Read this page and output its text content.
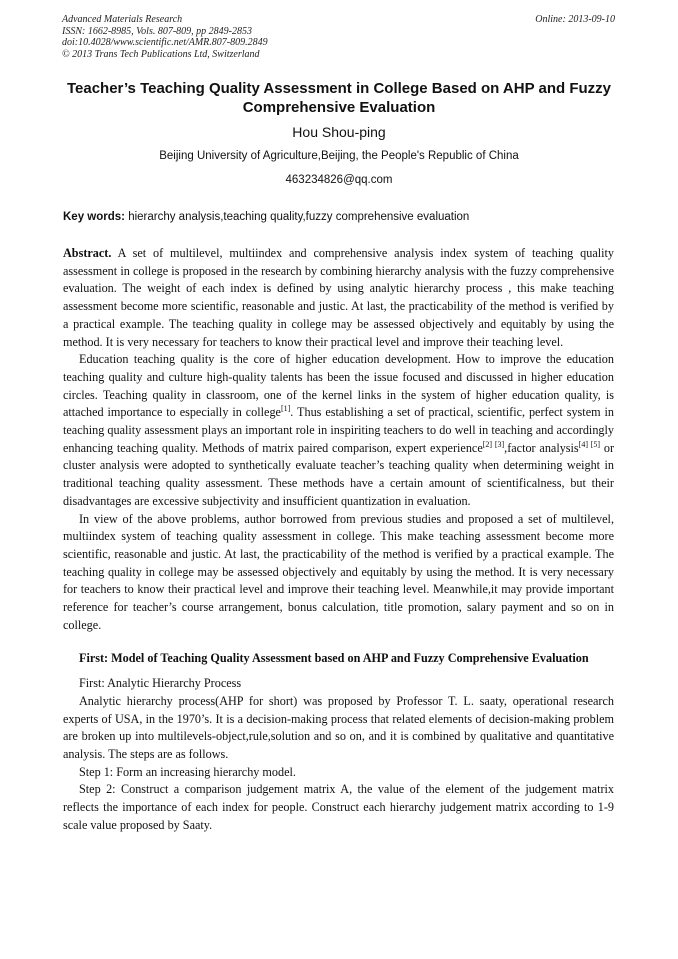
Advanced Materials Research
ISSN: 1662-8985, Vols. 807-809, pp 2849-2853
doi:10.4028/www.scientific.net/AMR.807-809.2849
© 2013 Trans Tech Publications Ltd, Switzerland
Online: 2013-09-10
Teacher’s Teaching Quality Assessment in College Based on AHP and Fuzzy Comprehensive Evaluation
Hou Shou-ping
Beijing University of Agriculture,Beijing, the People's Republic of China
463234826@qq.com
Key words: hierarchy analysis,teaching quality,fuzzy comprehensive evaluation

Abstract. A set of multilevel, multiindex and comprehensive analysis index system of teaching quality assessment in college is proposed in the research by combining hierarchy analysis with the fuzzy comprehensive evaluation. The weight of each index is defined by using analytic hierarchy process , this make teaching assessment become more scientific, reasonable and justic. At last, the practicability of the method is verified by a practical example. The teaching quality in college may be assessed objectively and equitably by using the method. It is very necessary for teachers to know their practical level and improve their teaching level.

Education teaching quality is the core of higher education development. How to improve the education teaching quality and culture high-quality talents has been the issue focused and discussed in higher education circles. Teaching quality in classroom, one of the kernel links in the system of higher education quality, is attached importance to especially in college[1]. Thus establishing a set of practical, scientific, perfect system in teaching quality assessment plays an important role in inspiriting teachers to do well in teaching and accordingly enhancing teaching quality. Methods of matrix paired comparison, expert experience[2] [3],factor analysis[4] [5] or cluster analysis were adopted to synthetically evaluate teacher’s teaching quality when determining weight in traditional teaching quality assessment. These methods have a certain amount of scientificalness, but their disadvantages are excessive subjectivity and insufficient quantization in evaluation.

In view of the above problems, author borrowed from previous studies and proposed a set of multilevel, multiindex system of teaching quality assessment in college. This make teaching assessment become more scientific, reasonable and justic. At last, the practicability of the method is verified by a practical example. The teaching quality in college may be assessed objectively and equitably by using the method. It is very necessary for teachers to know their practical level and improve their teaching level. Meanwhile,it may provide important reference for teacher’s course arrangement, bonus calculation, title promotion, salary payment and so on in college.

First: Model of Teaching Quality Assessment based on AHP and Fuzzy Comprehensive Evaluation

First: Analytic Hierarchy Process

Analytic hierarchy process(AHP for short) was proposed by Professor T. L. saaty, operational research experts of USA, in the 1970’s. It is a decision-making process that related elements of decision-making problem are broken up into multilevels-object,rule,solution and so on, and it is combined by qualitative and quantitative analysis. The steps are as follows.

Step 1: Form an increasing hierarchy model.

Step 2: Construct a comparison judgement matrix A, the value of the element of the judgement matrix reflects the importance of each index for people. Construct each hierarchy judgement matrix according to 1-9 scale value proposed by Saaty.
